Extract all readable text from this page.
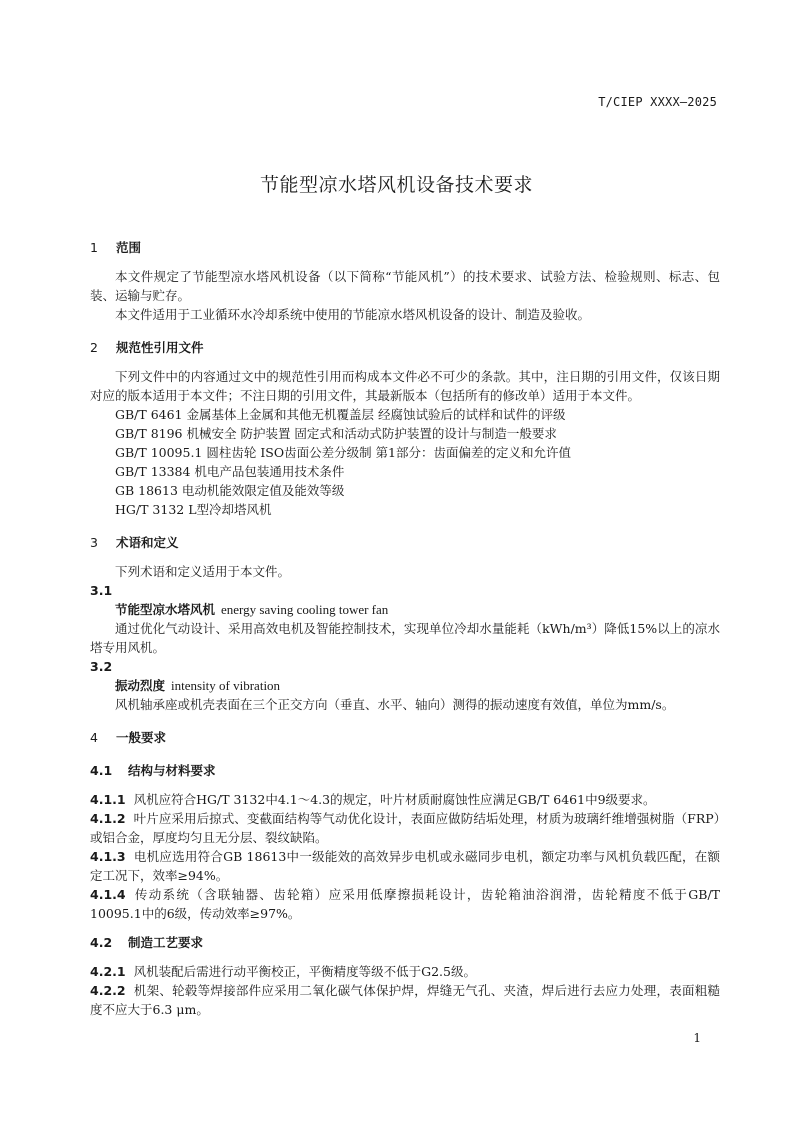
T/CIEP XXXX—2025
节能型凉水塔风机设备技术要求

1 范围

本文件规定了节能型凉水塔风机设备（以下简称“节能风机”）的技术要求、试验方法、检验规则、标志、包装、运输与贮存。

本文件适用于工业循环水冷却系统中使用的节能凉水塔风机设备的设计、制造及验收。

2 规范性引用文件

下列文件中的内容通过文中的规范性引用而构成本文件必不可少的条款。其中，注日期的引用文件，仅该日期对应的版本适用于本文件；不注日期的引用文件，其最新版本（包括所有的修改单）适用于本文件。

GB/T 6461 金属基体上金属和其他无机覆盖层 经腐蚀试验后的试样和试件的评级

GB/T 8196 机械安全 防护装置 固定式和活动式防护装置的设计与制造一般要求

GB/T 10095.1 圆柱齿轮 ISO齿面公差分级制 第1部分：齿面偏差的定义和允许值

GB/T 13384 机电产品包装通用技术条件

GB 18613 电动机能效限定值及能效等级

HG/T 3132 L型冷却塔风机

3 术语和定义

下列术语和定义适用于本文件。

3.1

节能型凉水塔风机 energy saving cooling tower fan

通过优化气动设计、采用高效电机及智能控制技术，实现单位冷却水量能耗（kWh/m³）降低15%以上的凉水塔专用风机。

3.2

振动烈度 intensity of vibration

风机轴承座或机壳表面在三个正交方向（垂直、水平、轴向）测得的振动速度有效值，单位为mm/s。

4 一般要求

4.1 结构与材料要求

4.1.1 风机应符合HG/T 3132中4.1～4.3的规定，叶片材质耐腐蚀性应满足GB/T 6461中9级要求。

4.1.2 叶片应采用后掠式、变截面结构等气动优化设计，表面应做防结垢处理，材质为玻璃纤维增强树脂（FRP）或铝合金，厚度均匀且无分层、裂纹缺陷。

4.1.3 电机应选用符合GB 18613中一级能效的高效异步电机或永磁同步电机，额定功率与风机负载匹配，在额定工况下，效率≥94%。

4.1.4 传动系统（含联轴器、齿轮箱）应采用低摩擦损耗设计，齿轮箱油浴润滑，齿轮精度不低于GB/T 10095.1中的6级，传动效率≥97%。

4.2 制造工艺要求

4.2.1 风机装配后需进行动平衡校正，平衡精度等级不低于G2.5级。

4.2.2 机架、轮毂等焊接部件应采用二氧化碳气体保护焊，焊缝无气孔、夹渣，焊后进行去应力处理，表面粗糙度不应大于6.3 μm。

1
